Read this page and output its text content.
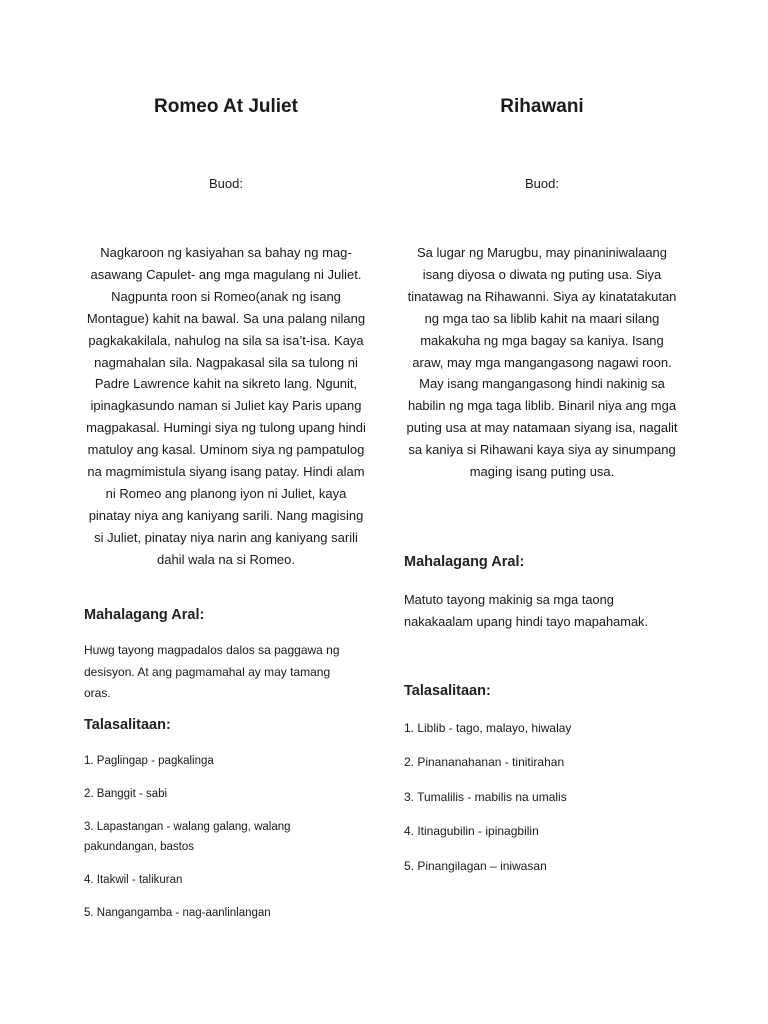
Romeo At Juliet
Buod:

Nagkaroon ng kasiyahan sa bahay ng mag-asawang Capulet- ang mga magulang ni Juliet. Nagpunta roon si Romeo(anak ng isang Montague) kahit na bawal. Sa una palang nilang pagkakakilala, nahulog na sila sa isa’t-isa. Kaya nagmahalan sila. Nagpakasal sila sa tulong ni Padre Lawrence kahit na sikreto lang. Ngunit, ipinagkasundo naman si Juliet kay Paris upang magpakasal. Humingi siya ng tulong upang hindi matuloy ang kasal. Uminom siya ng pampatulog na magmimistula siyang isang patay. Hindi alam ni Romeo ang planong iyon ni Juliet, kaya pinatay niya ang kaniyang sarili. Nang magising si Juliet, pinatay niya narin ang kaniyang sarili dahil wala na si Romeo.

Mahalagang Aral:

Huwg tayong magpadalos dalos sa paggawa ng desisyon. At ang pagmamahal ay may tamang oras.

Talasalitaan:
1. Paglingap - pagkalinga
2. Banggit - sabi
3. Lapastangan - walang galang, walang pakundangan, bastos
4. Itakwil - talikuran
5. Nangangamba - nag-aanlinlangan
Rihawani
Buod:

Sa lugar ng Marugbu, may pinaniniwalaang isang diyosa o diwata ng puting usa. Siya tinatawag na Rihawanni. Siya ay kinatatakutan ng mga tao sa liblib kahit na maari silang makakuha ng mga bagay sa kaniya. Isang araw, may mga mangangasong nagawi roon. May isang mangangasong hindi nakinig sa habilin ng mga taga liblib. Binaril niya ang mga puting usa at may natamaan siyang isa, nagalit sa kaniya si Rihawani kaya siya ay sinumpang maging isang puting usa.

Mahalagang Aral:

Matuto tayong makinig sa mga taong nakakaalam upang hindi tayo mapahamak.

Talasalitaan:
1. Liblib - tago, malayo, hiwalay
2. Pinananahanan - tinitirahan
3. Tumalilis - mabilis na umalis
4. Itinagubilin - ipinagbilin
5. Pinangilagan – iniwasan
